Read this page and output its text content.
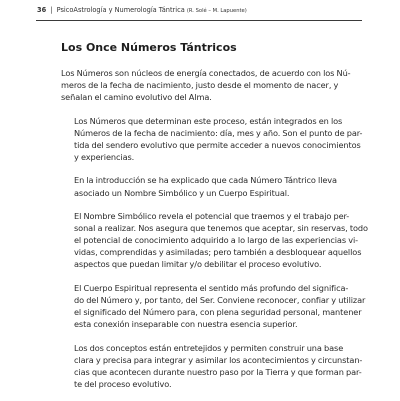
36 | PsicoAstrología y Numerología Tántrica (R. Solé – M. Lapuente)
Los Once Números Tántricos

Los Números son núcleos de energía conectados, de acuerdo con los Nú-
meros de la fecha de nacimiento, justo desde el momento de nacer, y
señalan el camino evolutivo del Alma.

Los Números que determinan este proceso, están integrados en los
Números de la fecha de nacimiento: día, mes y año. Son el punto de par-
tida del sendero evolutivo que permite acceder a nuevos conocimientos
y experiencias.

En la introducción se ha explicado que cada Número Tántrico lleva
asociado un Nombre Simbólico y un Cuerpo Espiritual.

El Nombre Simbólico revela el potencial que traemos y el trabajo per-
sonal a realizar. Nos asegura que tenemos que aceptar, sin reservas, todo
el potencial de conocimiento adquirido a lo largo de las experiencias vi-
vidas, comprendidas y asimiladas; pero también a desbloquear aquellos
aspectos que puedan limitar y/o debilitar el proceso evolutivo.

El Cuerpo Espiritual representa el sentido más profundo del significa-
do del Número y, por tanto, del Ser. Conviene reconocer, confiar y utilizar
el significado del Número para, con plena seguridad personal, mantener
esta conexión inseparable con nuestra esencia superior.

Los dos conceptos están entretejidos y permiten construir una base
clara y precisa para integrar y asimilar los acontecimientos y circunstan-
cias que acontecen durante nuestro paso por la Tierra y que forman par-
te del proceso evolutivo.
